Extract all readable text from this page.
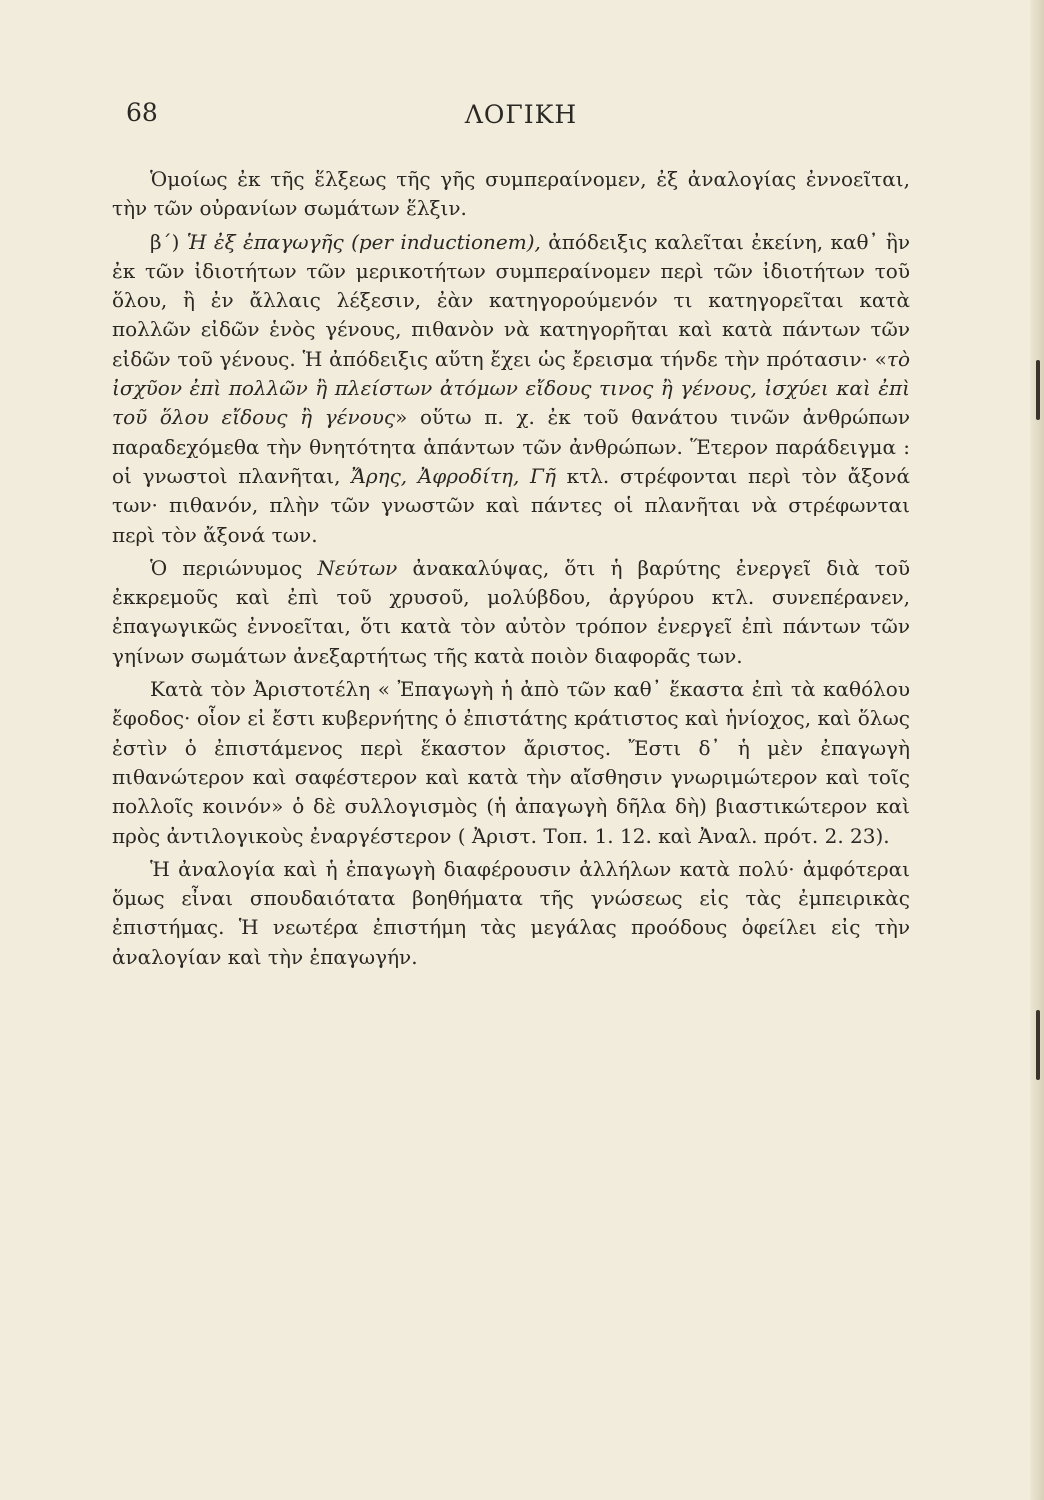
68	ΛΟΓΙΚΗ

Ὁμοίως ἐκ τῆς ἕλξεως τῆς γῆς συμπεραίνομεν, ἐξ ἀναλογίας ἐννοεῖται, τὴν τῶν οὐρανίων σωμάτων ἕλξιν.

β΄) Ἡ ἐξ ἐπαγωγῆς (per inductionem), ἀπόδειξις καλεῖται ἐκείνη, καθ᾽ ἣν ἐκ τῶν ἰδιοτήτων τῶν μερικοτήτων συμπεραίνομεν περὶ τῶν ἰδιοτήτων τοῦ ὅλου, ἢ ἐν ἄλλαις λέξεσιν, ἐὰν κατηγορούμενόν τι κατηγορεῖται κατὰ πολλῶν εἰδῶν ἑνὸς γένους, πιθανὸν νὰ κατηγορῆται καὶ κατὰ πάντων τῶν εἰδῶν τοῦ γένους. Ἡ ἀπόδειξις αὕτη ἔχει ὡς ἔρεισμα τήνδε τὴν πρότασιν· «τὸ ἰσχῦον ἐπὶ πολλῶν ἢ πλείστων ἀτόμων εἴδους τινος ἢ γένους, ἰσχύει καὶ ἐπὶ τοῦ ὅλου εἴδους ἢ γένους» οὕτω π. χ. ἐκ τοῦ θανάτου τινῶν ἀνθρώπων παραδεχόμεθα τὴν θνητότητα ἁπάντων τῶν ἀνθρώπων. Ἕτερον παράδειγμα : οἱ γνωστοὶ πλανῆται, Ἄρης, Ἀφροδίτη, Γῆ κτλ. στρέφονται περὶ τὸν ἄξονά των· πιθανόν, πλὴν τῶν γνωστῶν καὶ πάντες οἱ πλανῆται νὰ στρέφωνται περὶ τὸν ἄξονά των.

Ὁ περιώνυμος Νεύτων ἀνακαλύψας, ὅτι ἡ βαρύτης ἐνεργεῖ διὰ τοῦ ἐκκρεμοῦς καὶ ἐπὶ τοῦ χρυσοῦ, μολύβδου, ἀργύρου κτλ. συνεπέρανεν, ἐπαγωγικῶς ἐννοεῖται, ὅτι κατὰ τὸν αὐτὸν τρόπον ἐνεργεῖ ἐπὶ πάντων τῶν γηίνων σωμάτων ἀνεξαρτήτως τῆς κατὰ ποιὸν διαφορᾶς των.

Κατὰ τὸν Ἀριστοτέλη « Ἐπαγωγὴ ἡ ἀπὸ τῶν καθ᾽ ἕκαστα ἐπὶ τὰ καθόλου ἔφοδος· οἷον εἰ ἔστι κυβερνήτης ὁ ἐπιστάτης κράτιστος καὶ ἡνίοχος, καὶ ὅλως ἐστὶν ὁ ἐπιστάμενος περὶ ἕκαστον ἄριστος. Ἔστι δ᾽ ἡ μὲν ἐπαγωγὴ πιθανώτερον καὶ σαφέστερον καὶ κατὰ τὴν αἴσθησιν γνωριμώτερον καὶ τοῖς πολλοῖς κοινόν» ὁ δὲ συλλογισμὸς (ἡ ἀπαγωγὴ δῆλα δὴ) βιαστικώτερον καὶ πρὸς ἀντιλογικοὺς ἐναργέστερον ( Ἀριστ. Τοπ. 1. 12. καὶ Ἀναλ. πρότ. 2. 23).

Ἡ ἀναλογία καὶ ἡ ἐπαγωγὴ διαφέρουσιν ἀλλήλων κατὰ πολύ· ἀμφότεραι ὅμως εἶναι σπουδαιότατα βοηθήματα τῆς γνώσεως εἰς τὰς ἐμπειρικὰς ἐπιστήμας. Ἡ νεωτέρα ἐπιστήμη τὰς μεγάλας προόδους ὀφείλει εἰς τὴν ἀναλογίαν καὶ τὴν ἐπαγωγήν.
